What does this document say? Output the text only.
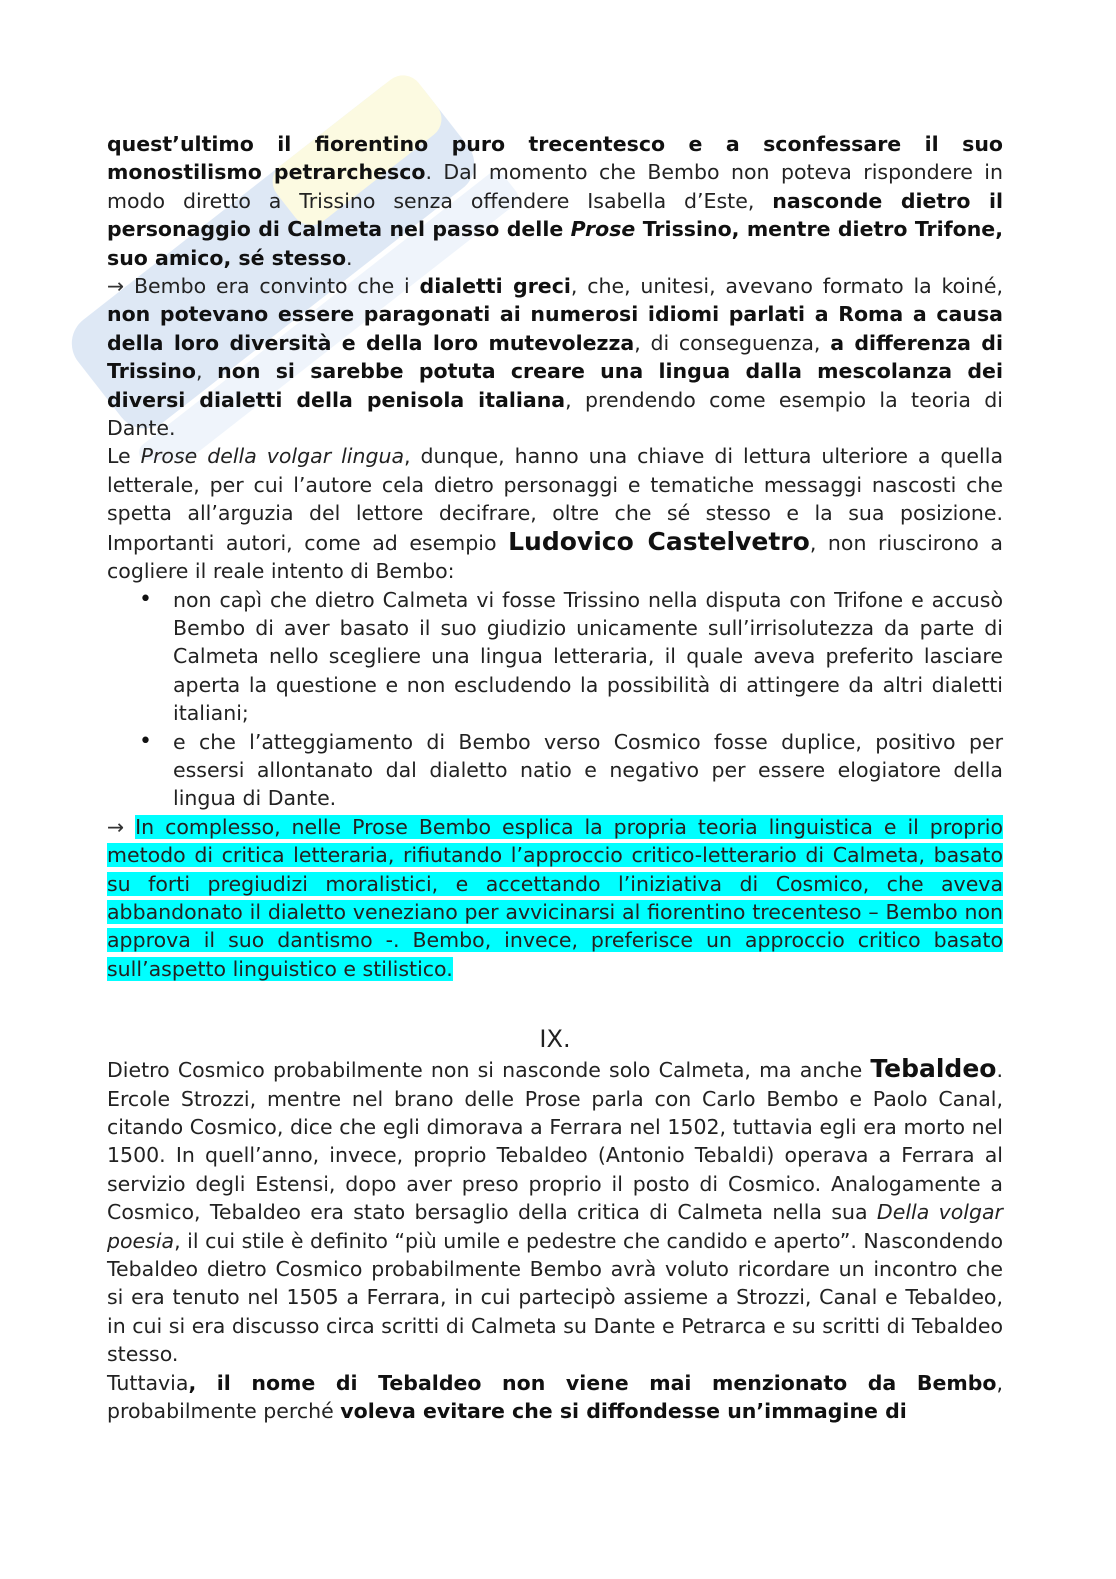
quest’ultimo il fiorentino puro trecentesco e a sconfessare il suo monostilismo petrarchesco. Dal momento che Bembo non poteva rispondere in modo diretto a Trissino senza offendere Isabella d’Este, nasconde dietro il personaggio di Calmeta nel passo delle Prose Trissino, mentre dietro Trifone, suo amico, sé stesso.

→ Bembo era convinto che i dialetti greci, che, unitesi, avevano formato la koiné, non potevano essere paragonati ai numerosi idiomi parlati a Roma a causa della loro diversità e della loro mutevolezza, di conseguenza, a differenza di Trissino, non si sarebbe potuta creare una lingua dalla mescolanza dei diversi dialetti della penisola italiana, prendendo come esempio la teoria di Dante.

Le Prose della volgar lingua, dunque, hanno una chiave di lettura ulteriore a quella letterale, per cui l’autore cela dietro personaggi e tematiche messaggi nascosti che spetta all’arguzia del lettore decifrare, oltre che sé stesso e la sua posizione. Importanti autori, come ad esempio Ludovico Castelvetro, non riuscirono a cogliere il reale intento di Bembo:

• non capì che dietro Calmeta vi fosse Trissino nella disputa con Trifone e accusò Bembo di aver basato il suo giudizio unicamente sull’irrisolutezza da parte di Calmeta nello scegliere una lingua letteraria, il quale aveva preferito lasciare aperta la questione e non escludendo la possibilità di attingere da altri dialetti italiani;
• e che l’atteggiamento di Bembo verso Cosmico fosse duplice, positivo per essersi allontanato dal dialetto natio e negativo per essere elogiatore della lingua di Dante.

→ In complesso, nelle Prose Bembo esplica la propria teoria linguistica e il proprio metodo di critica letteraria, rifiutando l’approccio critico-letterario di Calmeta, basato su forti pregiudizi moralistici, e accettando l’iniziativa di Cosmico, che aveva abbandonato il dialetto veneziano per avvicinarsi al fiorentino trecenteso – Bembo non approva il suo dantismo -. Bembo, invece, preferisce un approccio critico basato sull’aspetto linguistico e stilistico.

IX.

Dietro Cosmico probabilmente non si nasconde solo Calmeta, ma anche Tebaldeo. Ercole Strozzi, mentre nel brano delle Prose parla con Carlo Bembo e Paolo Canal, citando Cosmico, dice che egli dimorava a Ferrara nel 1502, tuttavia egli era morto nel 1500. In quell’anno, invece, proprio Tebaldeo (Antonio Tebaldi) operava a Ferrara al servizio degli Estensi, dopo aver preso proprio il posto di Cosmico. Analogamente a Cosmico, Tebaldeo era stato bersaglio della critica di Calmeta nella sua Della volgar poesia, il cui stile è definito “più umile e pedestre che candido e aperto”. Nascondendo Tebaldeo dietro Cosmico probabilmente Bembo avrà voluto ricordare un incontro che si era tenuto nel 1505 a Ferrara, in cui partecipò assieme a Strozzi, Canal e Tebaldeo, in cui si era discusso circa scritti di Calmeta su Dante e Petrarca e su scritti di Tebaldeo stesso.

Tuttavia, il nome di Tebaldeo non viene mai menzionato da Bembo, probabilmente perché voleva evitare che si diffondesse un’immagine di
